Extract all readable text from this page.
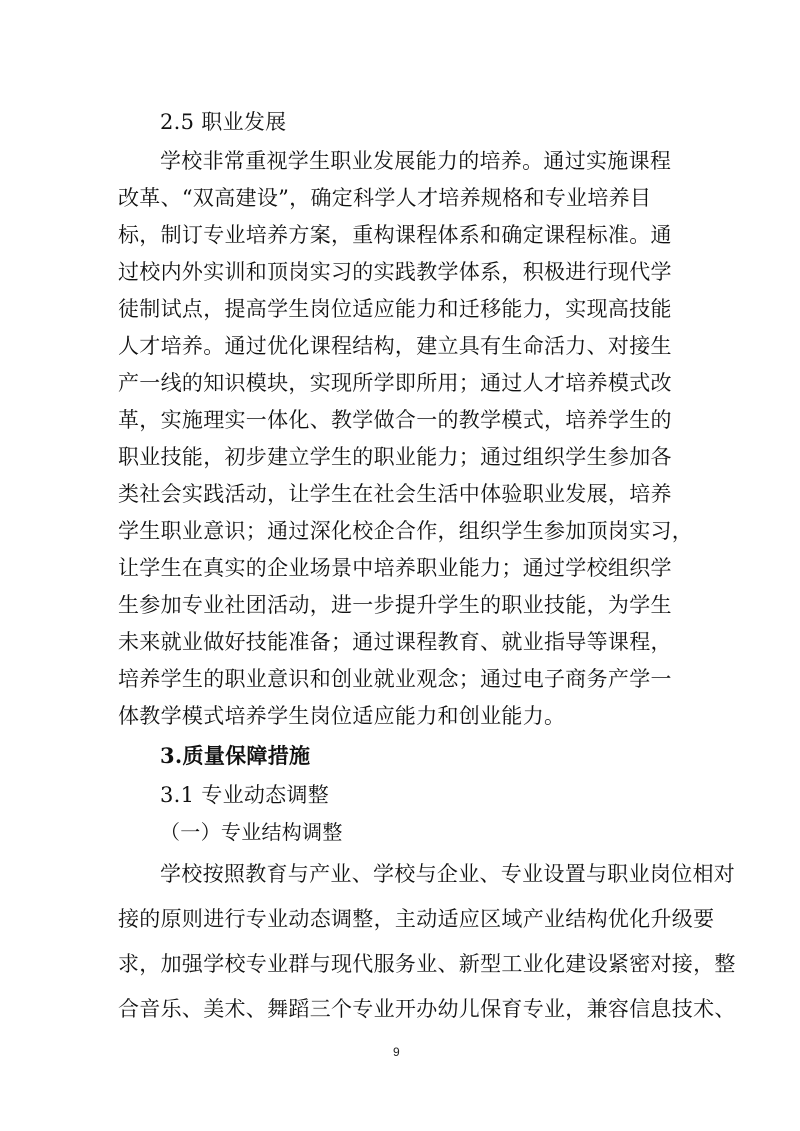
2.5 职业发展

学校非常重视学生职业发展能力的培养。通过实施课程

改革、“双高建设”，确定科学人才培养规格和专业培养目

标，制订专业培养方案，重构课程体系和确定课程标准。通

过校内外实训和顶岗实习的实践教学体系，积极进行现代学

徒制试点，提高学生岗位适应能力和迁移能力，实现高技能

人才培养。通过优化课程结构，建立具有生命活力、对接生

产一线的知识模块，实现所学即所用；通过人才培养模式改

革，实施理实一体化、教学做合一的教学模式，培养学生的

职业技能，初步建立学生的职业能力；通过组织学生参加各

类社会实践活动，让学生在社会生活中体验职业发展，培养

学生职业意识；通过深化校企合作，组织学生参加顶岗实习，

让学生在真实的企业场景中培养职业能力；通过学校组织学

生参加专业社团活动，进一步提升学生的职业技能，为学生

未来就业做好技能准备；通过课程教育、就业指导等课程，

培养学生的职业意识和创业就业观念；通过电子商务产学一

体教学模式培养学生岗位适应能力和创业能力。

3.质量保障措施

3.1 专业动态调整

（一）专业结构调整

学校按照教育与产业、学校与企业、专业设置与职业岗位相对

接的原则进行专业动态调整，主动适应区域产业结构优化升级要

求，加强学校专业群与现代服务业、新型工业化建设紧密对接，整

合音乐、美术、舞蹈三个专业开办幼儿保育专业，兼容信息技术、

9
